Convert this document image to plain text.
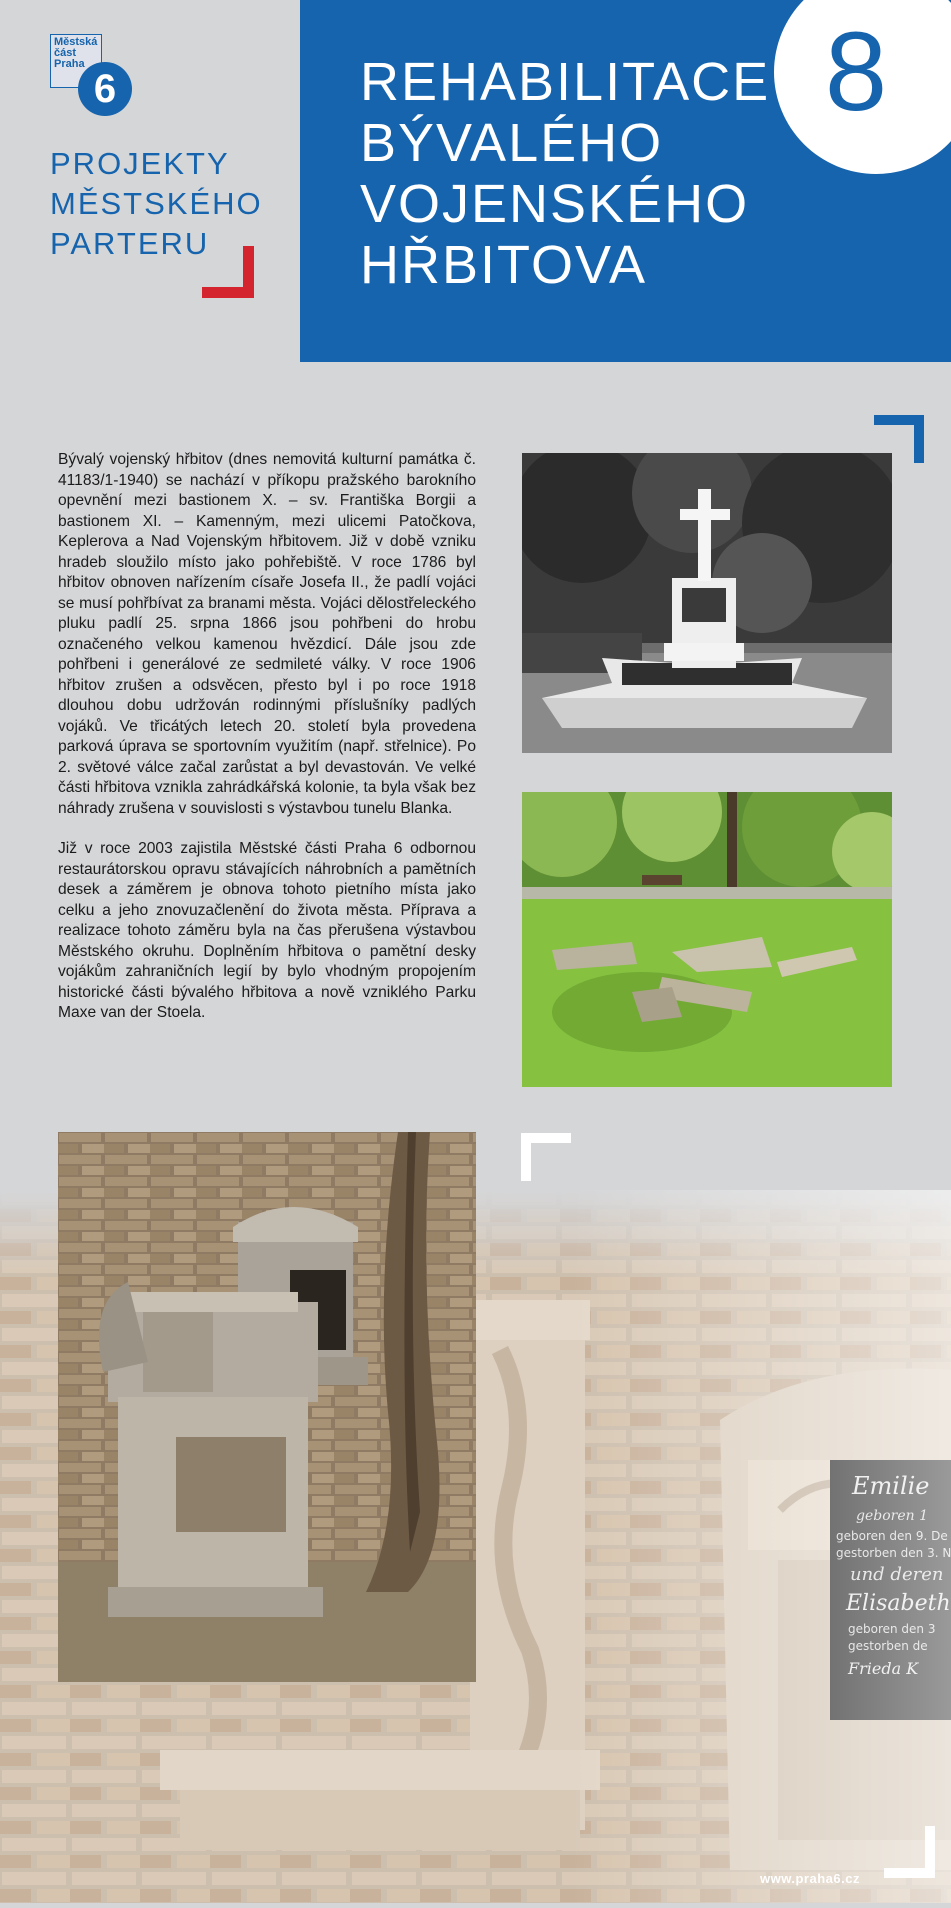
Městská část Praha
6
PROJEKTY
MĚSTSKÉHO
PARTERU
REHABILITACE
BÝVALÉHO
VOJENSKÉHO
HŘBITOVA
8

Bývalý vojenský hřbitov (dnes nemovitá kulturní památka č. 41183/1-1940) se nachází v příkopu pražského barokního opevnění mezi bastionem X. – sv. Františka Borgii a bastionem XI. – Kamenným, mezi ulicemi Patočkova, Keplerova a Nad Vojenským hřbitovem. Již v době vzniku hradeb sloužilo místo jako pohřebiště. V roce 1786 byl hřbitov obnoven nařízením císaře Josefa II., že padlí vojáci se musí pohřbívat za branami města. Vojáci dělostřeleckého pluku padlí 25. srpna 1866 jsou pohřbeni do hrobu označeného velkou kamenou hvězdicí. Dále jsou zde pohřbeni i generálové ze sedmileté války. V roce 1906 hřbitov zrušen a odsvěcen, přesto byl i po roce 1918 dlouhou dobu udržován rodinnými příslušníky padlých vojáků. Ve třicátých letech 20. století byla provedena parková úprava se sportovním využitím (např. střelnice). Po 2. světové válce začal zarůstat a byl devastován. Ve velké části hřbitova vznikla zahrádkářská kolonie, ta byla však bez náhrady zrušena v souvislosti s výstavbou tunelu Blanka.

Již v roce 2003 zajistila Městské části Praha 6 odbornou restaurátorskou opravu stávajících náhrobních a pamětních desek a záměrem je obnova tohoto pietního místa jako celku a jeho znovuzačlenění do života města. Příprava a realizace tohoto záměru byla na čas přerušena výstavbou Městského okruhu. Doplněním hřbitova o pamětní desky vojákům zahraničních legií by bylo vhodným propojením historické části bývalého hřbitova a nově vzniklého Parku Maxe van der Stoela.

www.praha6.cz
